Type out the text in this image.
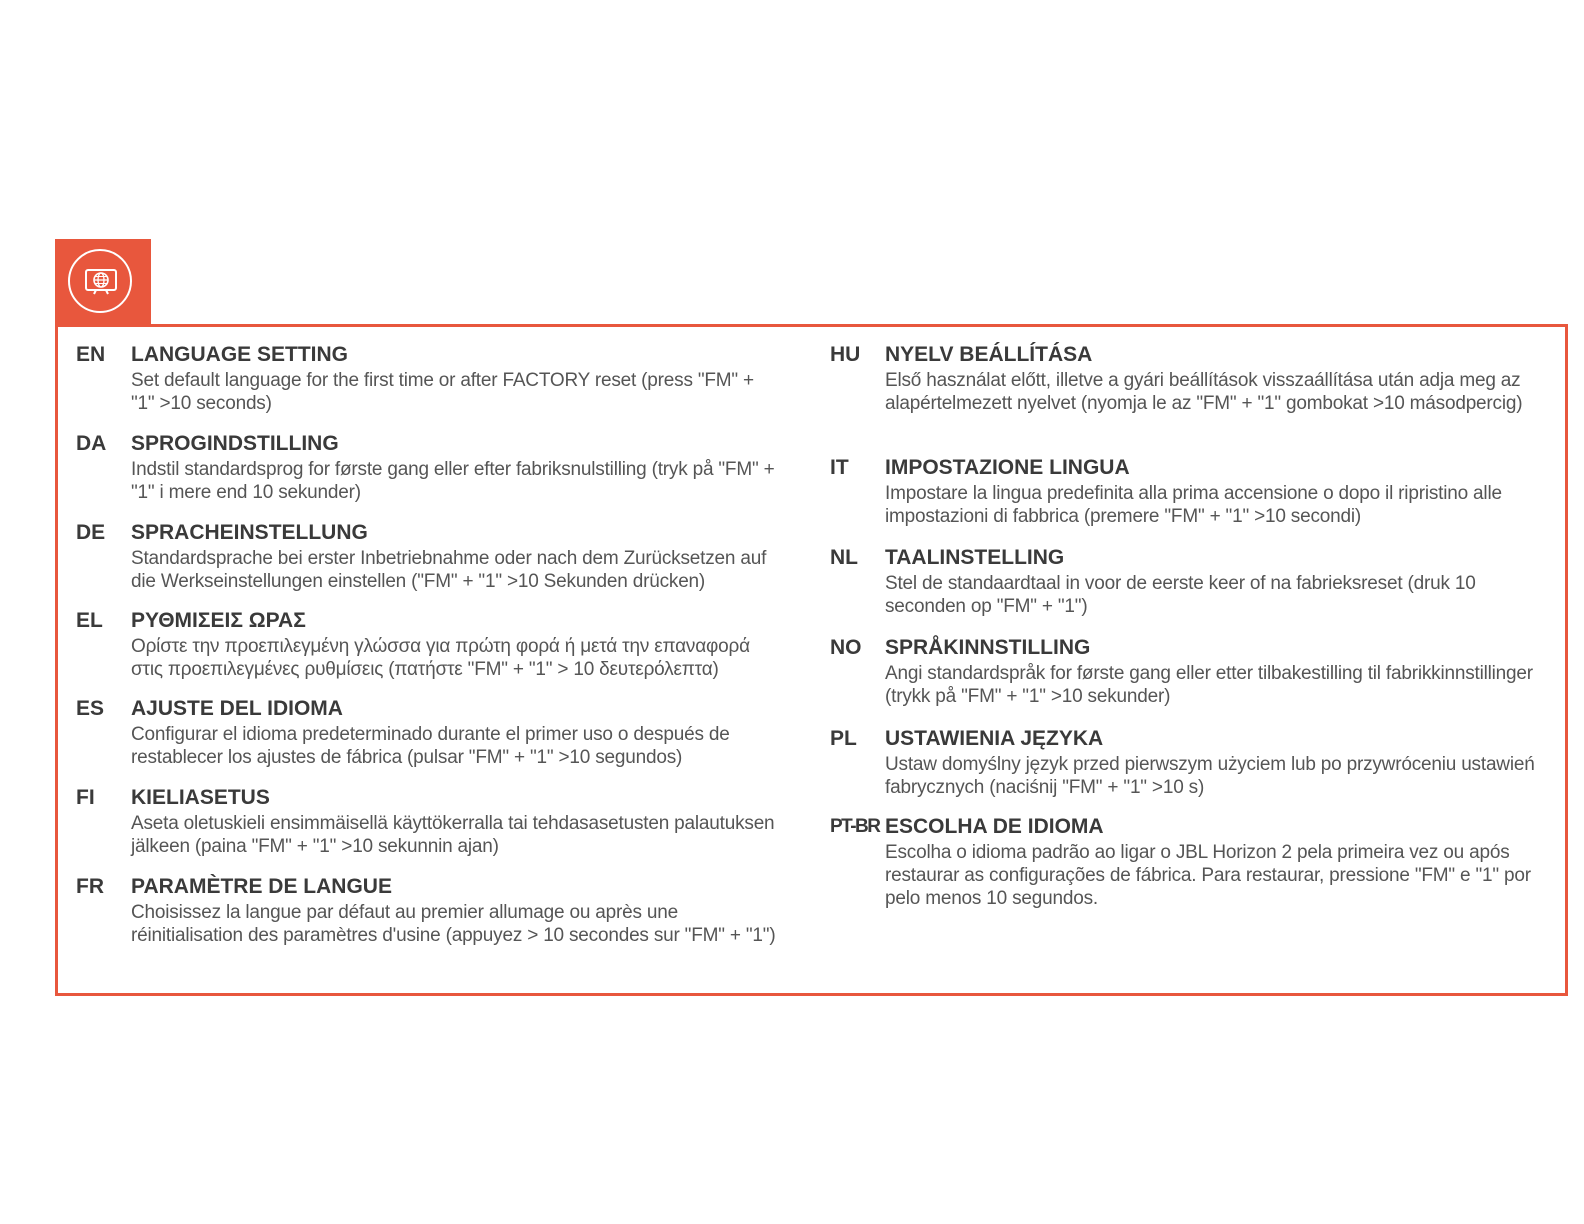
EN LANGUAGE SETTING
Set default language for the first time or after FACTORY reset (press "FM" + "1" >10 seconds)
DA SPROGINDSTILLING
Indstil standardsprog for første gang eller efter fabriksnulstilling (tryk på "FM" + "1" i mere end 10 sekunder)
DE SPRACHEINSTELLUNG
Standardsprache bei erster Inbetriebnahme oder nach dem Zurücksetzen auf die Werkseinstellungen einstellen ("FM" + "1" >10 Sekunden drücken)
EL ΡΥΘΜΙΣΕΙΣ ΩΡΑΣ
Ορίστε την προεπιλεγμένη γλώσσα για πρώτη φορά ή μετά την επαναφορά στις προεπιλεγμένες ρυθμίσεις (πατήστε "FM" + "1" > 10 δευτερόλεπτα)
ES AJUSTE DEL IDIOMA
Configurar el idioma predeterminado durante el primer uso o después de restablecer los ajustes de fábrica (pulsar "FM" + "1" >10 segundos)
FI KIELIASETUS
Aseta oletuskieli ensimmäisellä käyttökerralla tai tehdasasetusten palautuksen jälkeen (paina "FM" + "1" >10 sekunnin ajan)
FR PARAMÈTRE DE LANGUE
Choisissez la langue par défaut au premier allumage ou après une réinitialisation des paramètres d'usine (appuyez > 10 secondes sur "FM" + "1")
HU NYELV BEÁLLÍTÁSA
Első használat előtt, illetve a gyári beállítások visszaállítása után adja meg az alapértelmezett nyelvet (nyomja le az "FM" + "1" gombokat >10 másodpercig)
IT IMPOSTAZIONE LINGUA
Impostare la lingua predefinita alla prima accensione o dopo il ripristino alle impostazioni di fabbrica (premere "FM" + "1" >10 secondi)
NL TAALINSTELLING
Stel de standaardtaal in voor de eerste keer of na fabrieksreset (druk 10 seconden op "FM" + "1")
NO SPRÅKINNSTILLING
Angi standardspråk for første gang eller etter tilbakestilling til fabrikkinnstillinger (trykk på "FM" + "1" >10 sekunder)
PL USTAWIENIA JĘZYKA
Ustaw domyślny język przed pierwszym użyciem lub po przywróceniu ustawień fabrycznych (naciśnij "FM" + "1" >10 s)
PT-BR ESCOLHA DE IDIOMA
Escolha o idioma padrão ao ligar o JBL Horizon 2 pela primeira vez ou após restaurar as configurações de fábrica. Para restaurar, pressione "FM" e "1" por pelo menos 10 segundos.
